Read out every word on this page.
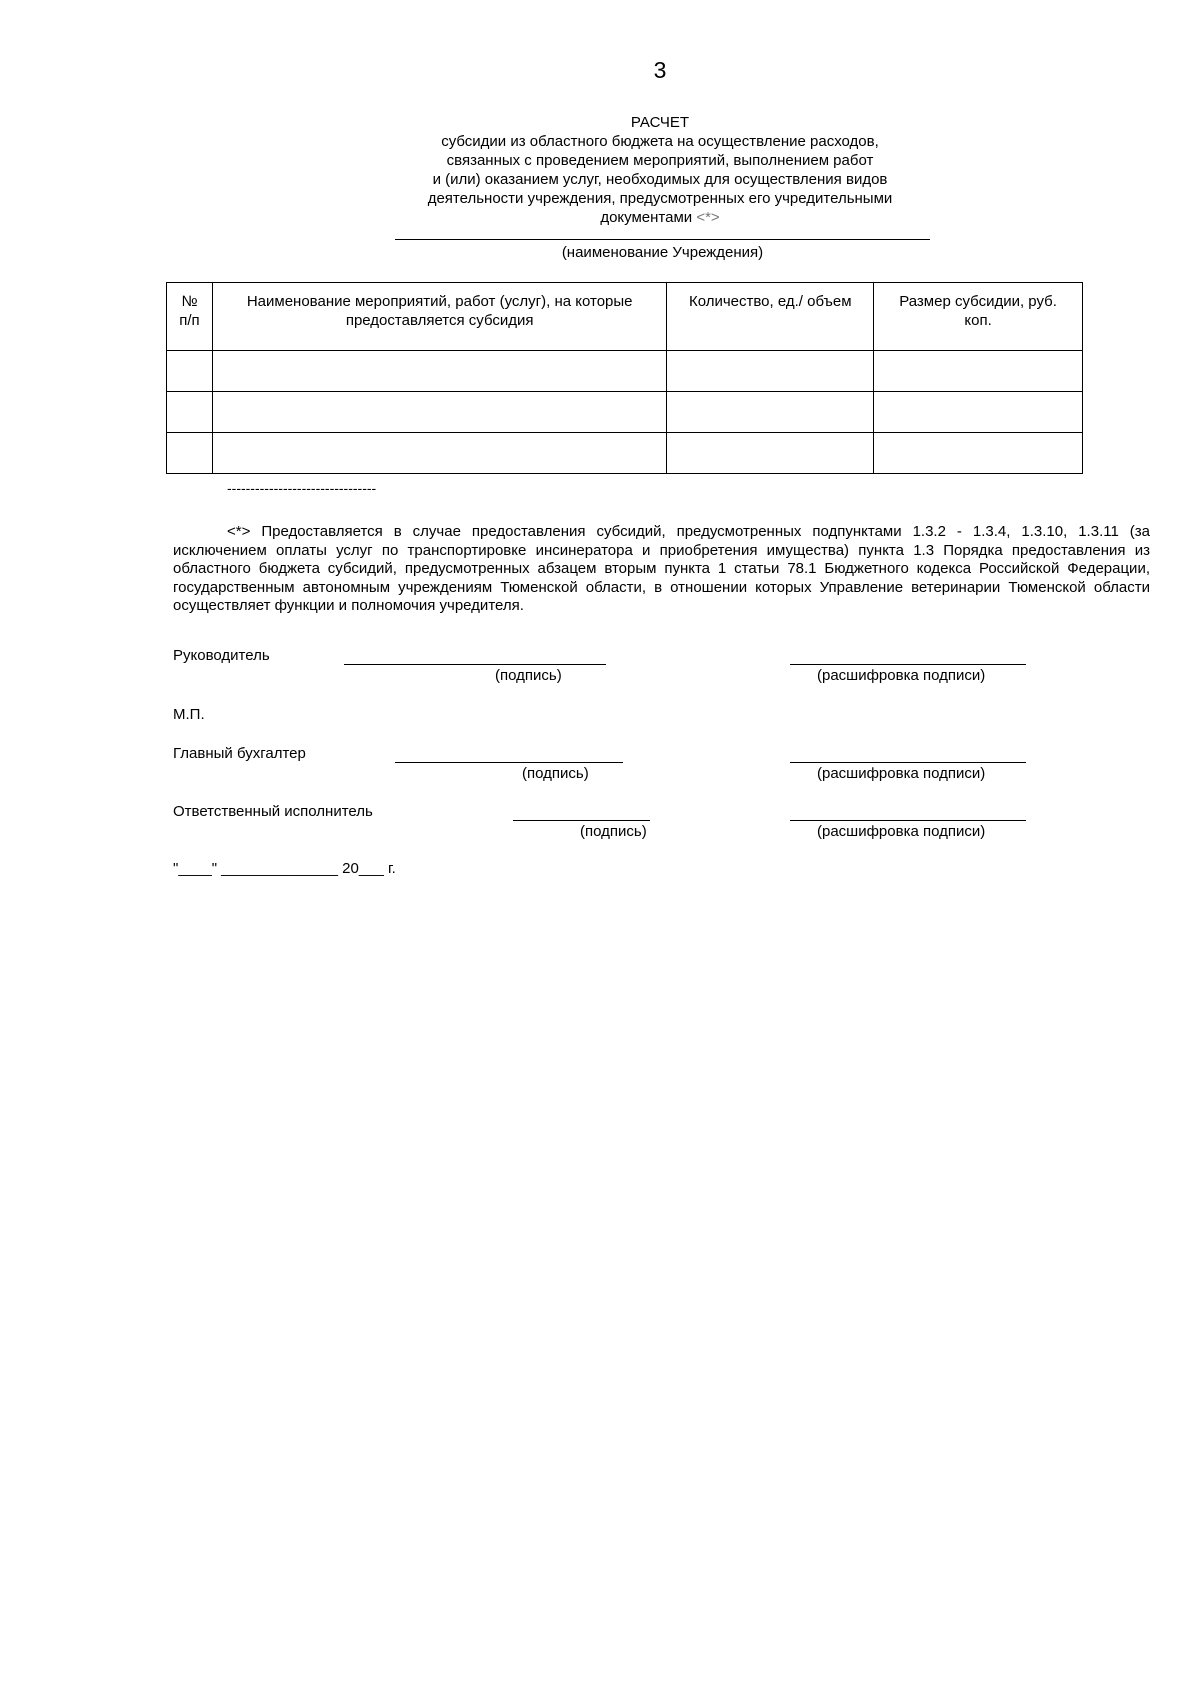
3
РАСЧЕТ
субсидии из областного бюджета на осуществление расходов,
связанных с проведением мероприятий, выполнением работ
и (или) оказанием услуг, необходимых для осуществления видов
деятельности учреждения, предусмотренных его учредительными
документами <*>
(наименование Учреждения)
№ п/п	Наименование мероприятий, работ (услуг), на которые предоставляется субсидия	Количество, ед./ объем	Размер субсидии, руб. коп.

--------------------------------
<*> Предоставляется в случае предоставления субсидий, предусмотренных подпунктами 1.3.2 - 1.3.4, 1.3.10, 1.3.11 (за исключением оплаты услуг по транспортировке инсинератора и приобретения имущества) пункта 1.3 Порядка предоставления из областного бюджета субсидий, предусмотренных абзацем вторым пункта 1 статьи 78.1 Бюджетного кодекса Российской Федерации, государственным автономным учреждениям Тюменской области, в отношении которых Управление ветеринарии Тюменской области осуществляет функции и полномочия учредителя.
Руководитель
(подпись)	(расшифровка подписи)
М.П.
Главный бухгалтер
(подпись)	(расшифровка подписи)
Ответственный исполнитель
(подпись)	(расшифровка подписи)
"____" ______________ 20___ г.
